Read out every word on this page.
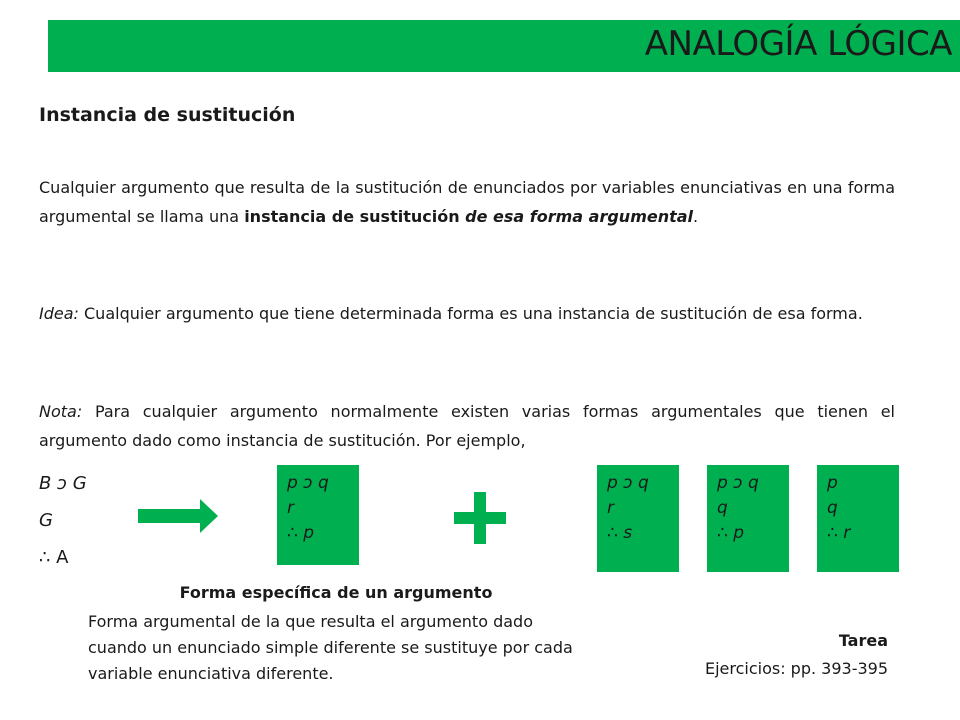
ANALOGÍA LÓGICA
Instancia de sustitución
Cualquier argumento que resulta de la sustitución de enunciados por variables enunciativas en una forma argumental se llama una instancia de sustitución de esa forma argumental.
Idea: Cualquier argumento que tiene determinada forma es una instancia de sustitución de esa forma.
Nota: Para cualquier argumento normalmente existen varias formas argumentales que tienen el argumento dado como instancia de sustitución. Por ejemplo,
B ɔ G
G
∴ A
p ɔ q
r
∴ p
p ɔ q
r
∴ s
p ɔ q
q
∴ p
p
q
∴ r
Forma específica de un argumento
Forma argumental de la que resulta el argumento dado cuando un enunciado simple diferente se sustituye por cada variable enunciativa diferente.
Tarea
Ejercicios: pp. 393-395
